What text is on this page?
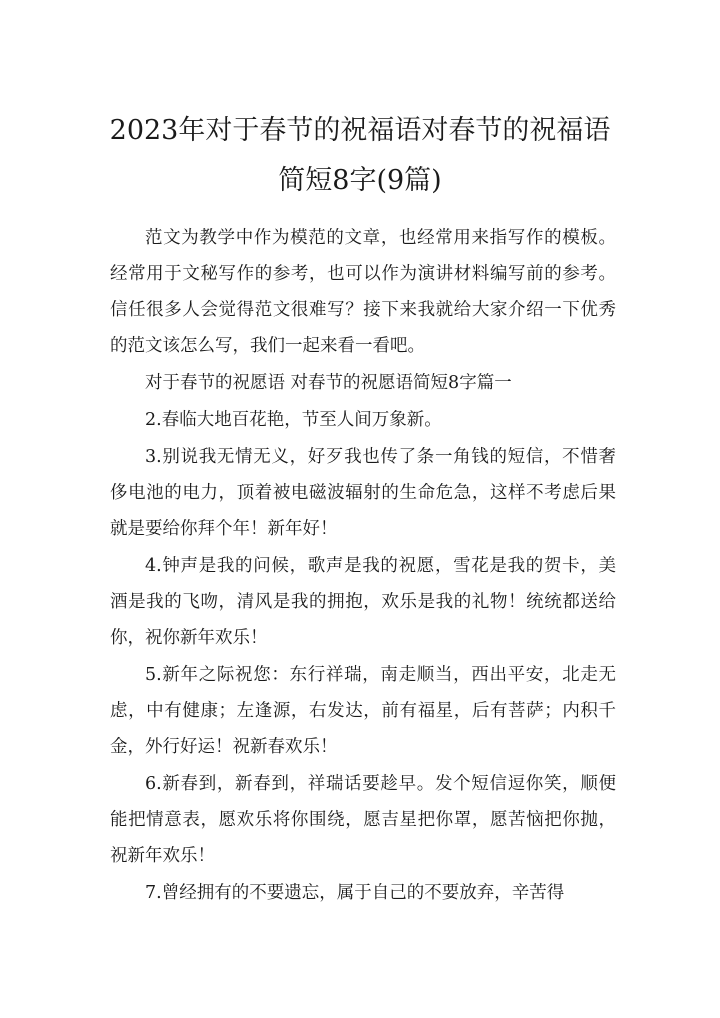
2023年对于春节的祝福语对春节的祝福语
简短8字(9篇)

范文为教学中作为模范的文章，也经常用来指写作的模板。经常用于文秘写作的参考，也可以作为演讲材料编写前的参考。信任很多人会觉得范文很难写？接下来我就给大家介绍一下优秀的范文该怎么写，我们一起来看一看吧。

对于春节的祝愿语 对春节的祝愿语简短8字篇一

2.春临大地百花艳，节至人间万象新。

3.别说我无情无义，好歹我也传了条一角钱的短信，不惜奢侈电池的电力，顶着被电磁波辐射的生命危急，这样不考虑后果就是要给你拜个年！新年好！

4.钟声是我的问候，歌声是我的祝愿，雪花是我的贺卡，美酒是我的飞吻，清风是我的拥抱，欢乐是我的礼物！统统都送给你，祝你新年欢乐！

5.新年之际祝您：东行祥瑞，南走顺当，西出平安，北走无虑，中有健康；左逢源，右发达，前有福星，后有菩萨；内积千金，外行好运！祝新春欢乐！

6.新春到，新春到，祥瑞话要趁早。发个短信逗你笑，顺便能把情意表，愿欢乐将你围绕，愿吉星把你罩，愿苦恼把你抛，祝新年欢乐！

7.曾经拥有的不要遗忘，属于自己的不要放弃，辛苦得
